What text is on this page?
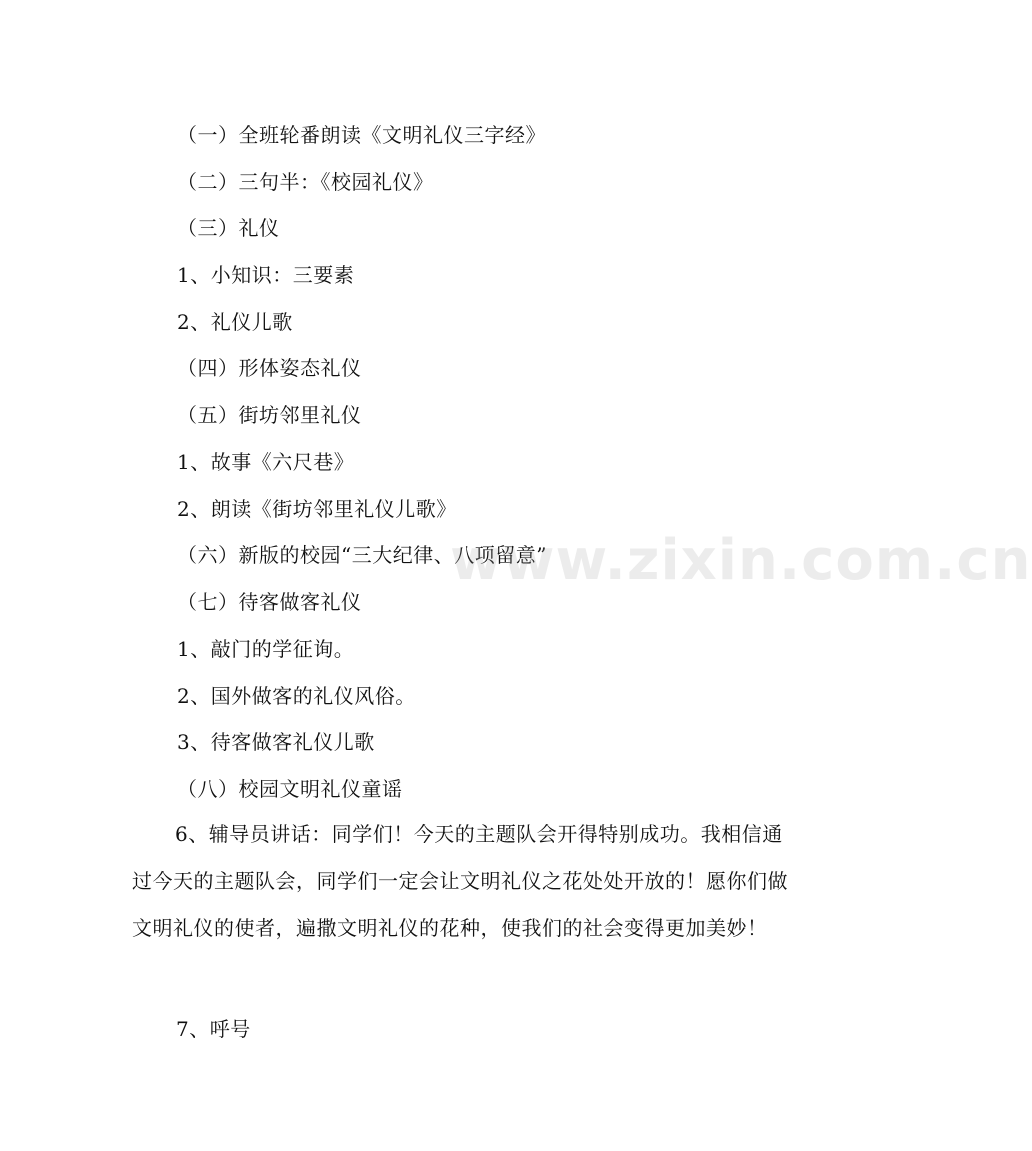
（一）全班轮番朗读《文明礼仪三字经》
（二）三句半：《校园礼仪》
（三）礼仪
1、小知识：三要素
2、礼仪儿歌
（四）形体姿态礼仪
（五）街坊邻里礼仪
1、故事《六尺巷》
2、朗读《街坊邻里礼仪儿歌》
（六）新版的校园“三大纪律、八项留意”
（七）待客做客礼仪
1、敲门的学征询。
2、国外做客的礼仪风俗。
3、待客做客礼仪儿歌
（八）校园文明礼仪童谣
6、辅导员讲话：同学们！今天的主题队会开得特别成功。我相信通过今天的主题队会，同学们一定会让文明礼仪之花处处开放的！愿你们做文明礼仪的使者，遍撒文明礼仪的花种，使我们的社会变得更加美妙！
7、呼号
www.zixin.com.cn
